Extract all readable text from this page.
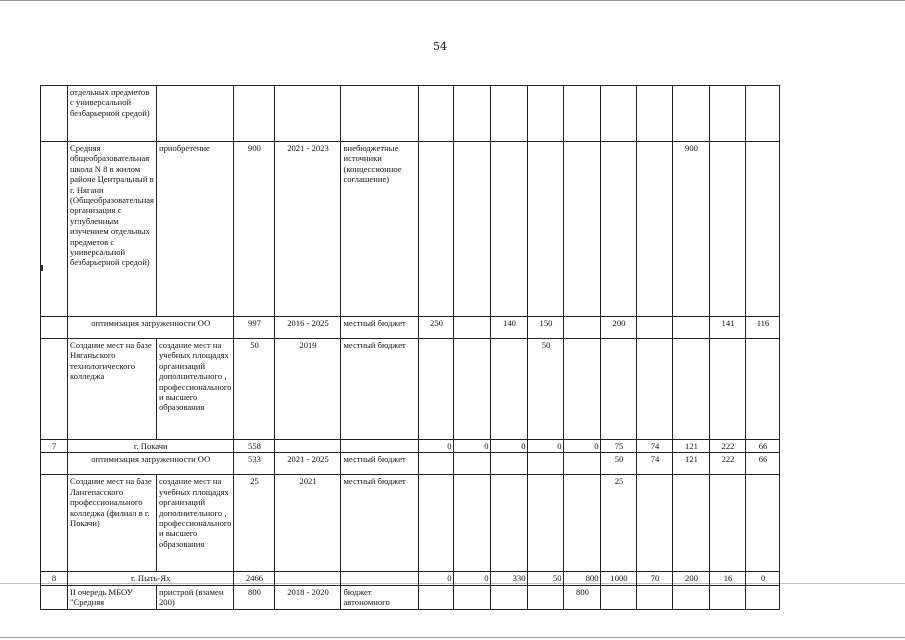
54
	отдельных предметов с универсальной безбарьерной средой)														
	Средняя общеобразовательная школа N 8 в жилом районе Центральный в г. Нягани (Общеобразовательная организация с углубленным изучением отдельных предметов с универсальной безбарьерной средой)	приобретение	900	2021 - 2023	внебюджетные источники (концессионное соглашение)								900		
	оптимизация загруженности ОО		997	2016 - 2025	местный бюджет	250		140	150		200			141	116
	Создание мест на базе Няганьского технологического колледжа	создание мест на учебных площадях организаций дополнительного , профессионального и высшего образования	50	2019	местный бюджет				50						
7	г. Покачи		558			0	0	0	0	0	75	74	121	222	66
	оптимизация загруженности ОО		533	2021 - 2025	местный бюджет						50	74	121	222	66
	Создание мест на базе Лангепасского профессионального колледжа (филиал в г. Покачи)	создание мест на учебных площадях организаций дополнительного , профессионального и высшего образования	25	2021	местный бюджет						25				
8	г. Пыть-Ях		2466			0	0	330	50	800	1000	70	200	16	0
	II очередь МБОУ "Средняя	пристрой (взамен 200)	800	2018 - 2020	бюджет автономного					800					
